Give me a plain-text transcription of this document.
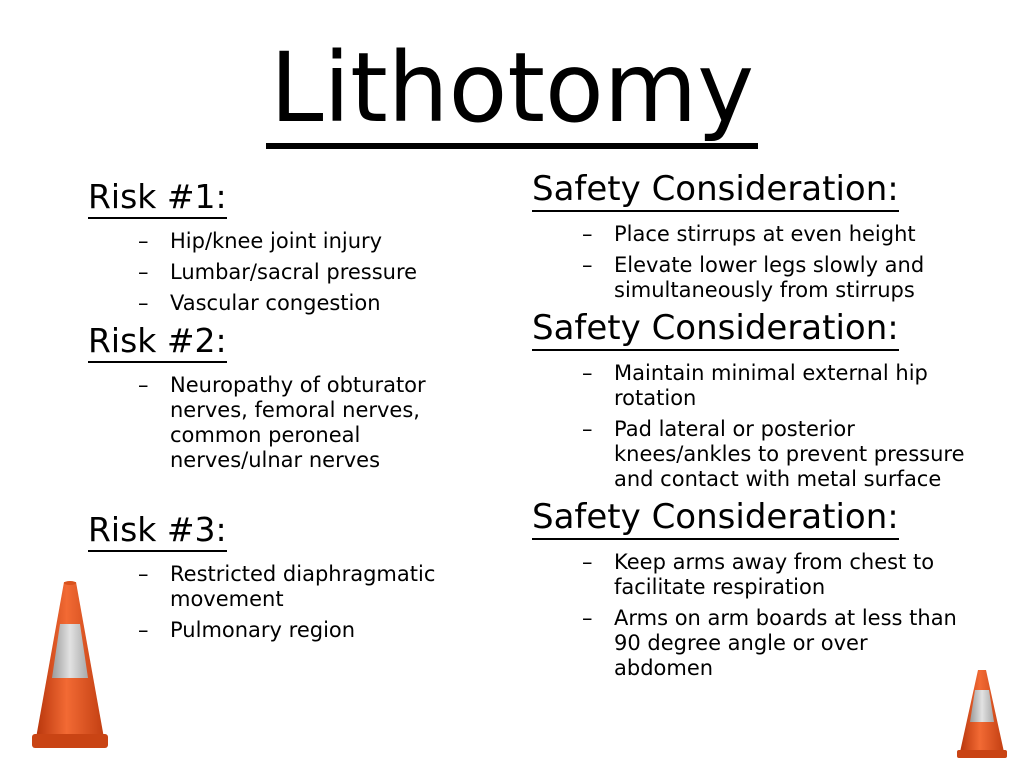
Lithotomy
Risk #1:
– Hip/knee joint injury
– Lumbar/sacral pressure
– Vascular congestion
Risk #2:
– Neuropathy of obturator nerves, femoral nerves, common peroneal nerves/ulnar nerves
Risk #3:
– Restricted diaphragmatic movement
– Pulmonary region
Safety Consideration:
– Place stirrups at even height
– Elevate lower legs slowly and simultaneously from stirrups
Safety Consideration:
– Maintain minimal external hip rotation
– Pad lateral or posterior knees/ankles to prevent pressure and contact with metal surface
Safety Consideration:
– Keep arms away from chest to facilitate respiration
– Arms on arm boards at less than 90 degree angle or over abdomen
